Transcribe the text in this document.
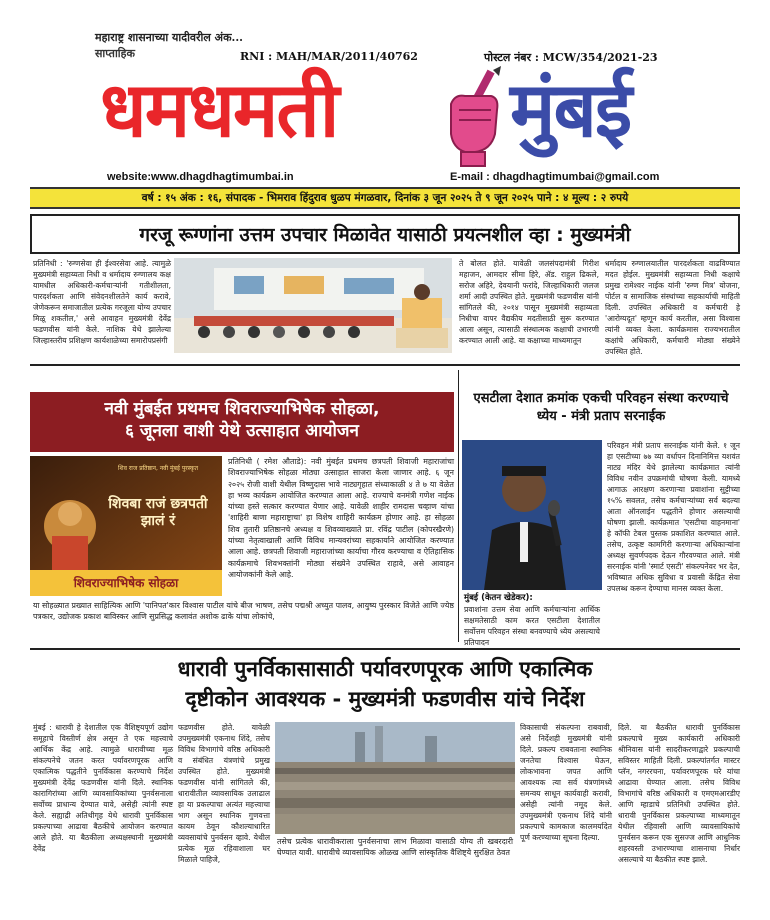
महाराष्ट्र शासनाच्या यादीवरील अंक...
साप्ताहिक	RNI : MAH/MAR/2011/40762	पोस्टल नंबर : MCW/354/2021-23
धमधमती मुंबई
website:www.dhagdhagtimumbai.in	E-mail : dhagdhagtimumbai@gmail.com
वर्ष : १५ अंक : १६, संपादक - भिमराव हिंदुराव धुळप मंगळवार, दिनांक ३ जून २०२५ ते ९ जून २०२५ पाने : ४ मूल्य : २ रुपये
गरजू रूग्णांना उत्तम उपचार मिळावेत यासाठी प्रयत्नशील व्हा : मुख्यमंत्री
प्रतिनिधी : 'रुग्णसेवा ही ईश्वरसेवा आहे. त्यामुळे मुख्यमंत्री सहाय्यता निधी व धर्मादाय रुग्णालय कक्ष यामधील अधिकारी-कर्मचाऱ्यांनी गतीशीलता, पारदर्शकता आणि संवेदनशीलतेने कार्य करावे, जेणेकरून समाजातील प्रत्येक गरजूला योग्य उपचार मिळू शकतील,' असे आवाहन मुख्यमंत्री देवेंद्र फडणवीस यांनी केले. नाशिक येथे झालेल्या जिल्हास्तरीय प्रशिक्षण कार्यशाळेच्या समारोपप्रसंगी
ते बोलत होते. यावेळी जलसंपदामंत्री गिरीश महाजन, आमदार सीमा हिरे, ॲड. राहुल ढिकले, सरोज अहिरे, देवयानी फरांदे, जिल्हाधिकारी जलज शर्मा आदी उपस्थित होते. मुख्यमंत्री फडणवीस यांनी सांगितले की, २०१४ पासून मुख्यमंत्री सहाय्यता निधीचा वापर वैद्यकीय मदतीसाठी सुरू करण्यात आला असून, त्यासाठी संस्थात्मक कक्षाची उभारणी करण्यात आली आहे. या कक्षाच्या माध्यमातून
धर्मादाय रुग्णालयातील पारदर्शकता वाढविण्यात मदत होईल. मुख्यमंत्री सहाय्यता निधी कक्षाचे प्रमुख रामेश्वर नाईक यांनी 'रुग्ण मित्र' योजना, पोर्टल व सामाजिक संस्थांच्या सहकार्याची माहिती दिली. उपस्थित अधिकारी व कर्मचारी हे 'आरोग्यदूत' म्हणून कार्य करतील, असा विश्वास त्यांनी व्यक्त केला. कार्यक्रमास राज्यभरातील कक्षांचे अधिकारी, कर्मचारी मोठ्या संख्येने उपस्थित होते.
नवी मुंबईत प्रथमच शिवराज्याभिषेक सोहळा,
६ जूनला वाशी येथे उत्साहात आयोजन
शिव राज प्रतिष्ठान, नवी मुंबई पुरस्कृत
शिवबा राजं छत्रपती झालं रं
शिवराज्याभिषेक सोहळा
प्रतिनिधी ( रमेश औताडे): नवी मुंबईत प्रथमच छत्रपती शिवाजी महाराजांचा शिवराज्याभिषेक सोहळा मोठ्या उत्साहात साजरा केला जाणार आहे. ६ जून २०२५ रोजी वाशी येथील विष्णुदास भावे नाट्यगृहात संध्याकाळी ४ ते ७ या वेळेत हा भव्य कार्यक्रम आयोजित करण्यात आला आहे. राज्याचे वनमंत्री गणेश नाईक यांच्या हस्ते सत्कार करण्यात येणार आहे. यावेळी शाहीर रामदास चव्हाण यांचा 'शाहिरी बाणा महाराष्ट्राचा' हा विशेष शाहिरी कार्यक्रम होणार आहे. हा सोहळा शिव तुतारी प्रतिष्ठानचे अध्यक्ष व शिवव्याख्याते प्रा. रविंद्र पाटील (कोपरखैरणे) यांच्या नेतृत्वाखाली आणि विविध मान्यवरांच्या सहकार्याने आयोजित करण्यात आला आहे. छत्रपती शिवाजी महाराजांच्या कार्याचा गौरव करण्याचा व ऐतिहासिक कार्यक्रमाचे शिवभक्तांनी मोठ्या संख्येने उपस्थित राहावे, असे आवाहन आयोजकांनी केले आहे.
या सोहळ्यात प्रख्यात साहित्यिक आणि 'पानिपत'कार विश्वास पाटील यांचे बीज भाषण, तसेच पद्मश्री अच्युत पालव, आयुष्य पुरस्कार विजेते आणि ज्येष्ठ पत्रकार, उद्योजक प्रकाश बाविस्कर आणि सुप्रसिद्ध कलावंत अशोक ढाके यांचा लोकांचे,
एसटीला देशात क्रमांक एकची परिवहन संस्था करण्याचे ध्येय - मंत्री प्रताप सरनाईक
मुंबई (केतन खेडेकर):
प्रवाशांना उत्तम सेवा आणि कर्मचाऱ्यांना आर्थिक सक्षमतेसाठी काम करत एसटीला देशातील सर्वोत्तम परिवहन संस्था बनवण्याचे ध्येय असल्याचे प्रतिपादन
परिवहन मंत्री प्रताप सरनाईक यांनी केले. १ जून हा एसटीच्या ७७ व्या वर्धापन दिनानिमित्त यशवंत नाट्य मंदिर येथे झालेल्या कार्यक्रमात त्यांनी विविध नवीन उपक्रमांची घोषणा केली. यामध्ये आगाऊ आरक्षण करणाऱ्या प्रवाशांना सुट्टीच्या १५% सवलत, तसेच कर्मचाऱ्यांच्या सर्व बदल्या आता ऑनलाईन पद्धतीने होणार असल्याची घोषणा झाली. कार्यक्रमात 'एसटीचा वाहनमाना' हे कॉफी टेबल पुस्तक प्रकाशित करण्यात आले. तसेच, उत्कृष्ट कामगिरी करणाऱ्या अधिकाऱ्यांना अध्यक्ष सुवर्णपदक देऊन गौरवण्यात आले. मंत्री सरनाईक यांनी 'स्मार्ट एसटी' संकल्पनेवर भर देत, भविष्यात अधिक सुविधा व प्रवासी केंद्रित सेवा उपलब्ध करून देण्याचा मानस व्यक्त केला.
धारावी पुनर्विकासासाठी पर्यावरणपूरक आणि एकात्मिक
दृष्टीकोन आवश्यक - मुख्यमंत्री फडणवीस यांचे निर्देश
मुंबई : धारावी हे देशातील एक वैशिष्ट्यपूर्ण उद्योग समूहाचे विस्तीर्ण क्षेत्र असून ते एक महत्त्वाचे आर्थिक केंद्र आहे. त्यामुळे धारावीच्या मूळ संकल्पनेचे जतन करत पर्यावरणपूरक आणि एकात्मिक पद्धतीने पुनर्विकास करण्याचे निर्देश मुख्यमंत्री देवेंद्र फडणवीस यांनी दिले. स्थानिक कारागिरांच्या आणि व्यावसायिकांच्या पुनर्वसनाला सर्वोच्च प्राधान्य देण्यात यावे, असेही त्यांनी स्पष्ट केले. सह्याद्री अतिथीगृह येथे धारावी पुनर्विकास प्रकल्पाच्या आढावा बैठकीचे आयोजन करण्यात आले होते. या बैठकीला अध्यक्षस्थानी मुख्यमंत्री देवेंद्र
फडणवीस होते. यावेळी उपमुख्यमंत्री एकनाथ शिंदे, तसेच विविध विभागांचे वरिष्ठ अधिकारी व संबंधित यंत्रणांचे प्रमुख उपस्थित होते. मुख्यमंत्री फडणवीस यांनी सांगितले की, धारावीतील व्यावसायिक उलाढाल हा या प्रकल्पाचा अत्यंत महत्त्वाचा भाग असून स्थानिक गुणवत्ता कायम ठेवून कौशल्याधारित व्यवसायांचे पुनर्वसन व्हावे. येथील प्रत्येक मूळ रहिवाशाला घर मिळाले पाहिजे,
तसेच प्रत्येक धारावीकराला पुनर्वसनाचा लाभ मिळावा यासाठी योग्य ती खबरदारी घेण्यात यावी. धारावीचे व्यावसायिक ओळख आणि सांस्कृतिक वैशिष्ट्ये सुरक्षित ठेवत
विकासाची संकल्पना राबवावी, असे निर्देशही मुख्यमंत्री यांनी दिले. प्रकल्प राबवताना स्थानिक जनतेचा विश्वास घेऊन, लोकभावना जपत आणि आवश्यक त्या सर्व यंत्रणांमध्ये समन्वय साधून कार्यवाही करावी, असेही त्यांनी नमूद केले. उपमुख्यमंत्री एकनाथ शिंदे यांनी प्रकल्पाचे कामकाज कालमर्यादेत पूर्ण करण्याच्या सूचना दिल्या.
दिले. या बैठकीत धारावी पुनर्विकास प्रकल्पाचे मुख्य कार्यकारी अधिकारी श्रीनिवास यांनी सादरीकरणाद्वारे प्रकल्पाची सविस्तर माहिती दिली. प्रकल्पांतर्गत मास्टर प्लॅन, नगररचना, पर्यावरणपूरक घरे यांचा आढावा घेण्यात आला. तसेच विविध विभागांचे वरिष्ठ अधिकारी व एमएमआरडीए आणि म्हाडाचे प्रतिनिधी उपस्थित होते. धारावी पुनर्विकास प्रकल्पाच्या माध्यमातून येथील रहिवासी आणि व्यावसायिकांचे पुनर्वसन करून एक सुसज्ज आणि आधुनिक शहरवस्ती उभारण्याचा शासनाचा निर्धार असल्याचे या बैठकीत स्पष्ट झाले.
